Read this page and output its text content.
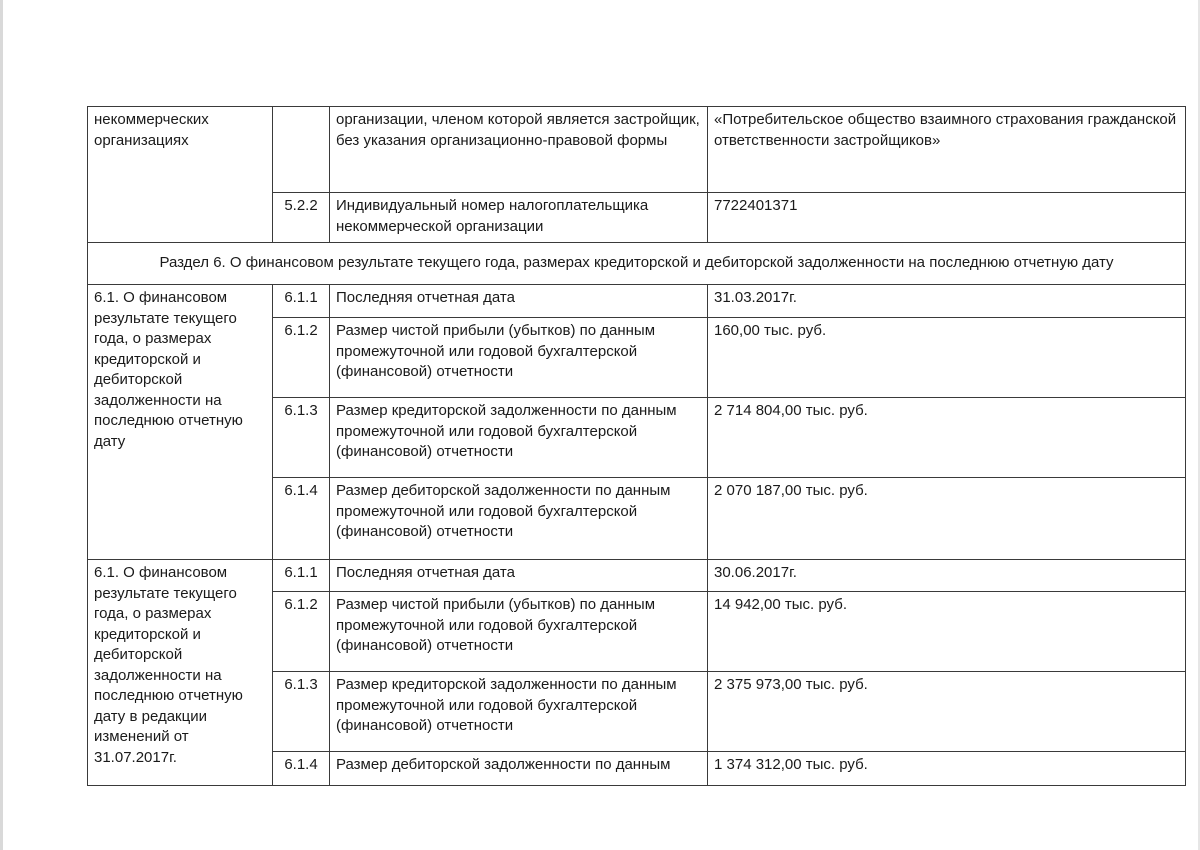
некоммерческих организациях		организации, членом которой является застройщик, без указания организационно-правовой формы	«Потребительское общество взаимного страхования гражданской ответственности застройщиков»
	5.2.2	Индивидуальный номер налогоплательщика некоммерческой организации	7722401371
Раздел 6. О финансовом результате текущего года, размерах кредиторской и дебиторской задолженности на последнюю отчетную дату			
6.1. О финансовом результате текущего года, о размерах кредиторской и дебиторской задолженности на последнюю отчетную дату	6.1.1	Последняя отчетная дата	31.03.2017г.
	6.1.2	Размер чистой прибыли (убытков) по данным промежуточной или годовой бухгалтерской (финансовой) отчетности	160,00 тыс. руб.
	6.1.3	Размер кредиторской задолженности по данным промежуточной или годовой бухгалтерской (финансовой) отчетности	2 714 804,00 тыс. руб.
	6.1.4	Размер дебиторской задолженности по данным промежуточной или годовой бухгалтерской (финансовой) отчетности	2 070 187,00 тыс. руб.
6.1. О финансовом результате текущего года, о размерах кредиторской и дебиторской задолженности на последнюю отчетную дату в редакции изменений от 31.07.2017г.	6.1.1	Последняя отчетная дата	30.06.2017г.
	6.1.2	Размер чистой прибыли (убытков) по данным промежуточной или годовой бухгалтерской (финансовой) отчетности	14 942,00 тыс. руб.
	6.1.3	Размер кредиторской задолженности по данным промежуточной или годовой бухгалтерской (финансовой) отчетности	2 375 973,00 тыс. руб.
	6.1.4	Размер дебиторской задолженности по данным	1 374 312,00 тыс. руб.
